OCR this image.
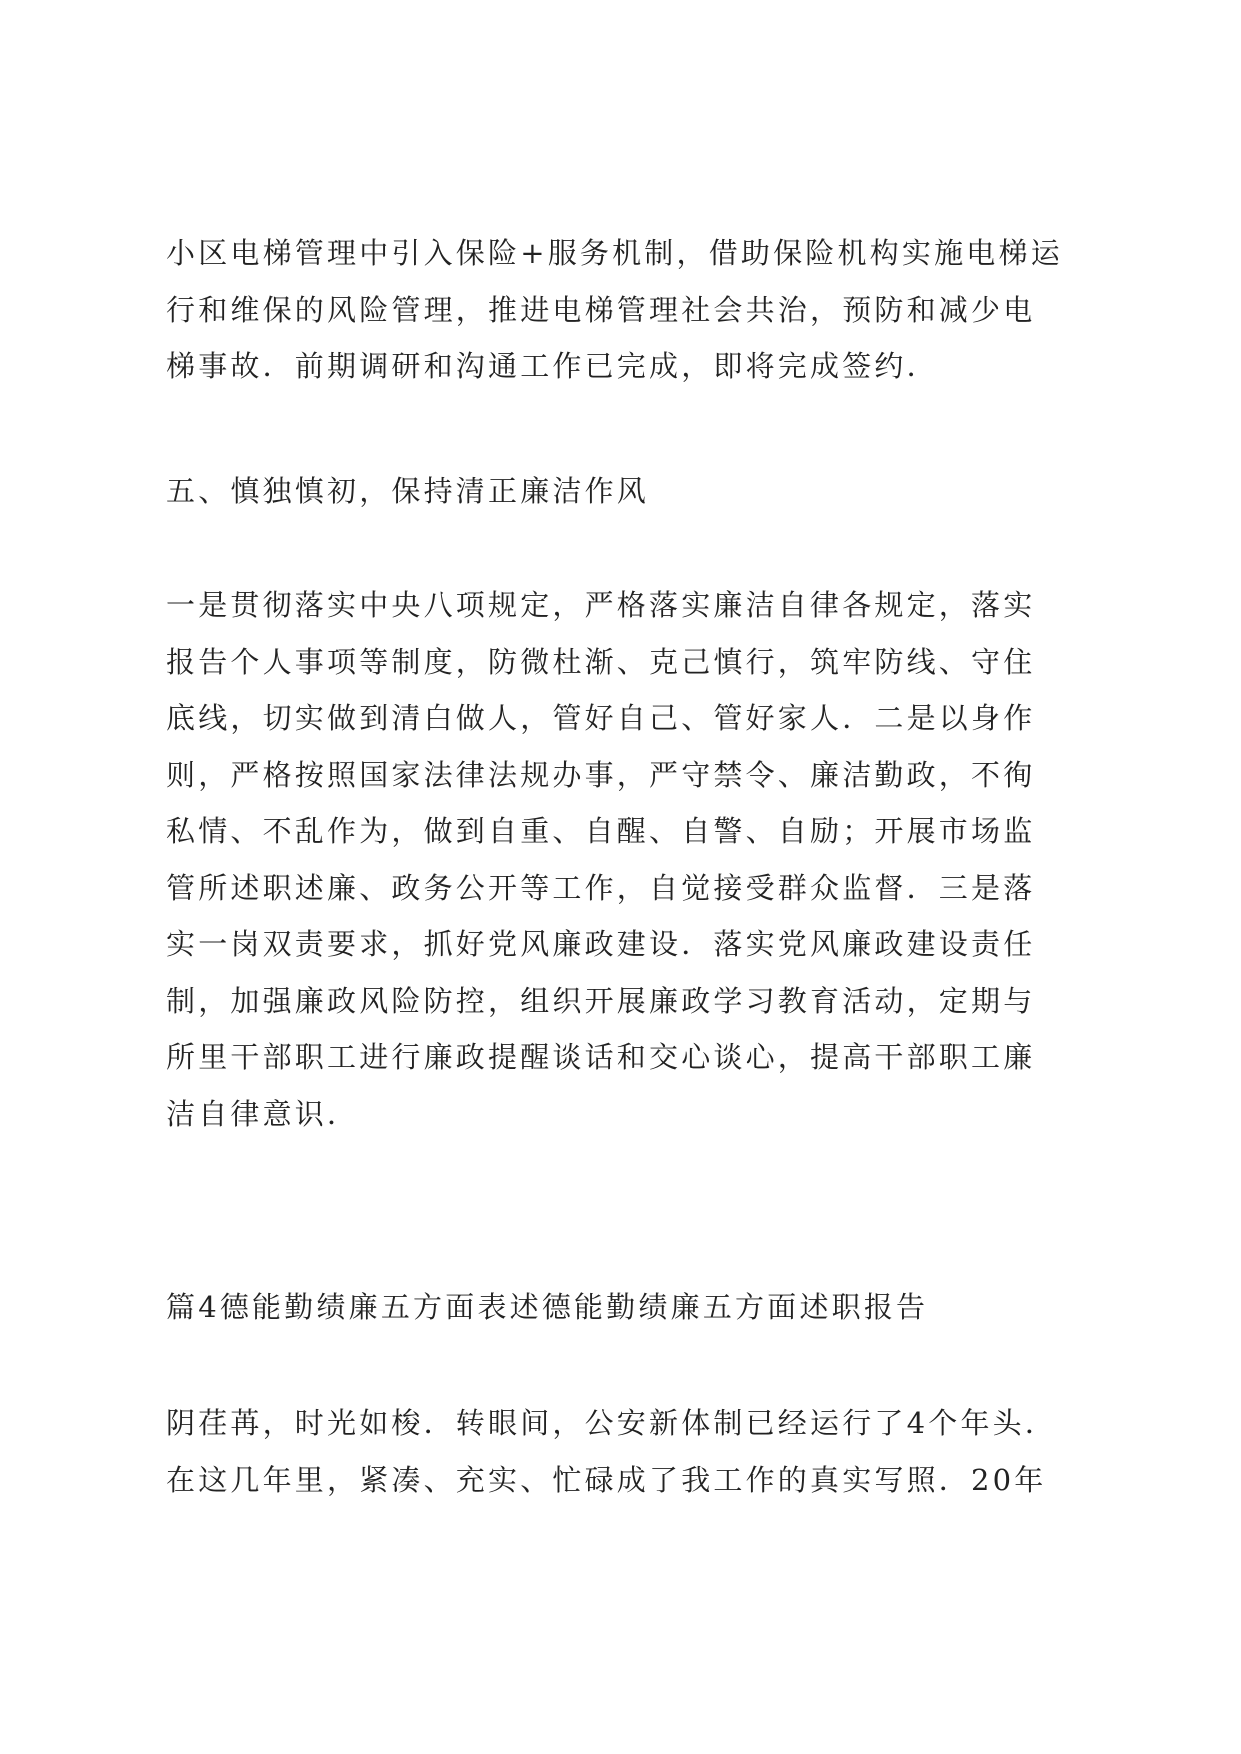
小区电梯管理中引入保险+服务机制，借助保险机构实施电梯运
行和维保的风险管理，推进电梯管理社会共治，预防和减少电
梯事故．前期调研和沟通工作已完成，即将完成签约．

五、慎独慎初，保持清正廉洁作风

一是贯彻落实中央八项规定，严格落实廉洁自律各规定，落实
报告个人事项等制度，防微杜渐、克己慎行，筑牢防线、守住
底线，切实做到清白做人，管好自己、管好家人．二是以身作
则，严格按照国家法律法规办事，严守禁令、廉洁勤政，不徇
私情、不乱作为，做到自重、自醒、自警、自励；开展市场监
管所述职述廉、政务公开等工作，自觉接受群众监督．三是落
实一岗双责要求，抓好党风廉政建设．落实党风廉政建设责任
制，加强廉政风险防控，组织开展廉政学习教育活动，定期与
所里干部职工进行廉政提醒谈话和交心谈心，提高干部职工廉
洁自律意识．

篇4德能勤绩廉五方面表述德能勤绩廉五方面述职报告

阴荏苒，时光如梭．转眼间，公安新体制已经运行了4个年头．
在这几年里，紧凑、充实、忙碌成了我工作的真实写照．20年
